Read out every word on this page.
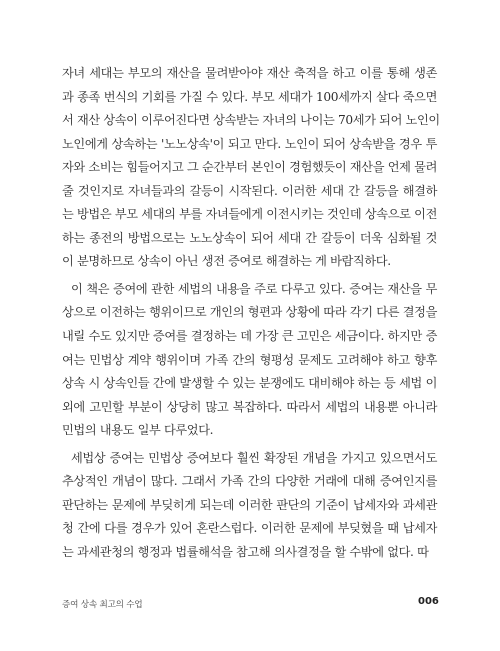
자녀 세대는 부모의 재산을 물려받아야 재산 축적을 하고 이를 통해 생존
과 종족 번식의 기회를 가질 수 있다. 부모 세대가 100세까지 살다 죽으면
서 재산 상속이 이루어진다면 상속받는 자녀의 나이는 70세가 되어 노인이
노인에게 상속하는 '노노상속'이 되고 만다. 노인이 되어 상속받을 경우 투
자와 소비는 힘들어지고 그 순간부터 본인이 경험했듯이 재산을 언제 물려
줄 것인지로 자녀들과의 갈등이 시작된다. 이러한 세대 간 갈등을 해결하
는 방법은 부모 세대의 부를 자녀들에게 이전시키는 것인데 상속으로 이전
하는 종전의 방법으로는 노노상속이 되어 세대 간 갈등이 더욱 심화될 것
이 분명하므로 상속이 아닌 생전 증여로 해결하는 게 바람직하다.
이 책은 증여에 관한 세법의 내용을 주로 다루고 있다. 증여는 재산을 무
상으로 이전하는 행위이므로 개인의 형편과 상황에 따라 각기 다른 결정을
내릴 수도 있지만 증여를 결정하는 데 가장 큰 고민은 세금이다. 하지만 증
여는 민법상 계약 행위이며 가족 간의 형평성 문제도 고려해야 하고 향후
상속 시 상속인들 간에 발생할 수 있는 분쟁에도 대비해야 하는 등 세법 이
외에 고민할 부분이 상당히 많고 복잡하다. 따라서 세법의 내용뿐 아니라
민법의 내용도 일부 다루었다.
세법상 증여는 민법상 증여보다 훨씬 확장된 개념을 가지고 있으면서도
추상적인 개념이 많다. 그래서 가족 간의 다양한 거래에 대해 증여인지를
판단하는 문제에 부딪히게 되는데 이러한 판단의 기준이 납세자와 과세관
청 간에 다를 경우가 있어 혼란스럽다. 이러한 문제에 부딪혔을 때 납세자
는 과세관청의 행정과 법률해석을 참고해 의사결정을 할 수밖에 없다. 따
증여 상속 최고의 수업	006
